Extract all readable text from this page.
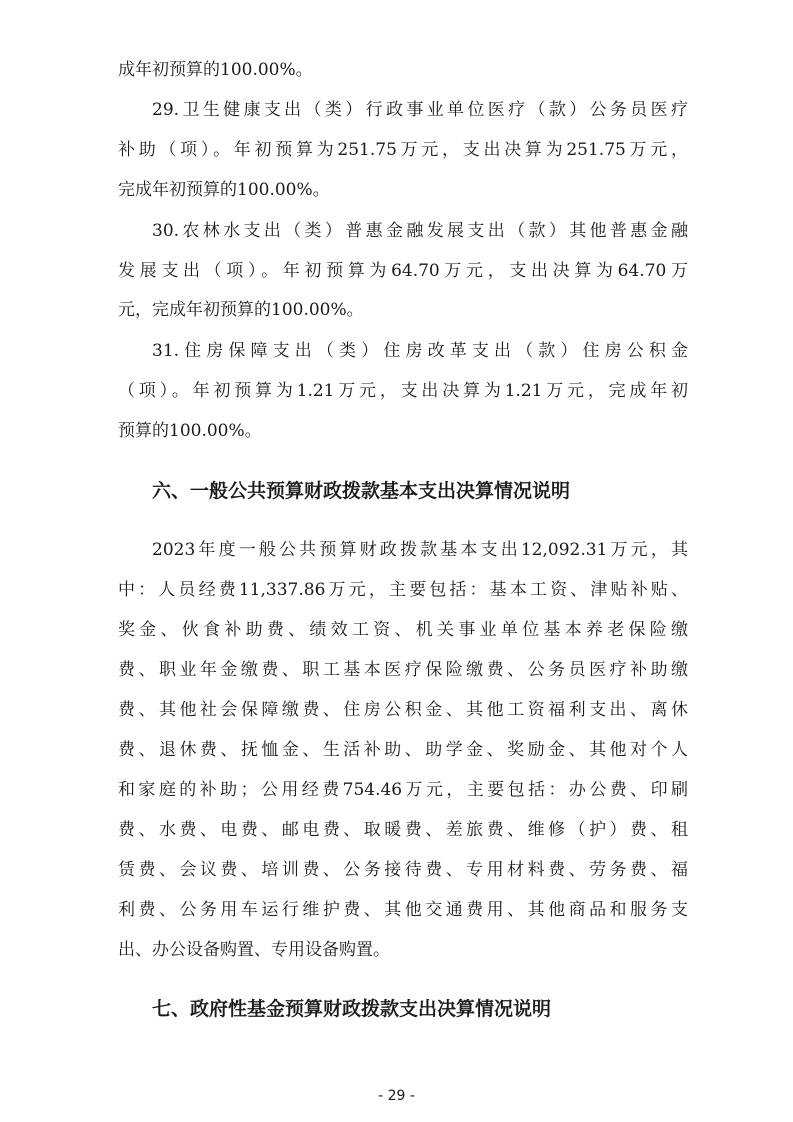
成年初预算的100.00%。
29.卫生健康支出（类）行政事业单位医疗（款）公务员医疗
补助（项）。年初预算为251.75万元，支出决算为251.75万元，
完成年初预算的100.00%。
30.农林水支出（类）普惠金融发展支出（款）其他普惠金融
发展支出（项）。年初预算为64.70万元，支出决算为64.70万
元，完成年初预算的100.00%。
31.住房保障支出（类）住房改革支出（款）住房公积金
（项）。年初预算为1.21万元，支出决算为1.21万元，完成年初
预算的100.00%。
六、一般公共预算财政拨款基本支出决算情况说明
2023年度一般公共预算财政拨款基本支出12,092.31万元，其
中：人员经费11,337.86万元，主要包括：基本工资、津贴补贴、
奖金、伙食补助费、绩效工资、机关事业单位基本养老保险缴
费、职业年金缴费、职工基本医疗保险缴费、公务员医疗补助缴
费、其他社会保障缴费、住房公积金、其他工资福利支出、离休
费、退休费、抚恤金、生活补助、助学金、奖励金、其他对个人
和家庭的补助；公用经费754.46万元，主要包括：办公费、印刷
费、水费、电费、邮电费、取暖费、差旅费、维修（护）费、租
赁费、会议费、培训费、公务接待费、专用材料费、劳务费、福
利费、公务用车运行维护费、其他交通费用、其他商品和服务支
出、办公设备购置、专用设备购置。
七、政府性基金预算财政拨款支出决算情况说明
- 29 -
